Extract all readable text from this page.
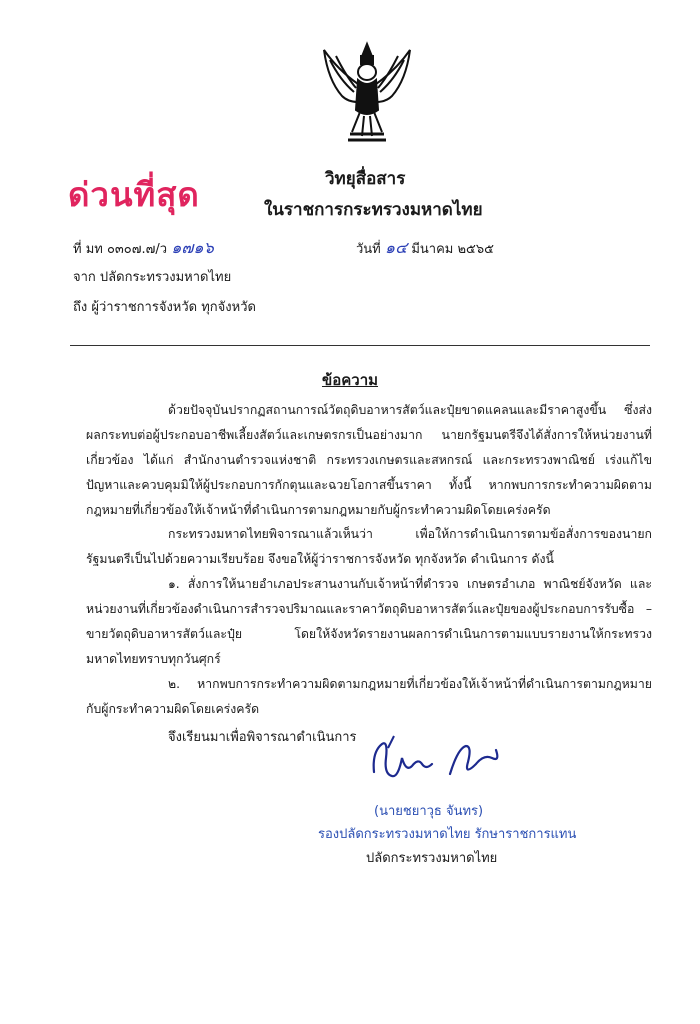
ด่วนที่สุด	วิทยุสื่อสาร
ในราชการกระทรวงมหาดไทย
ที่ มท ๐๓๐๗.๗/ว ๑๗๑๖	วันที่ ๑๔ มีนาคม ๒๕๖๕
จาก ปลัดกระทรวงมหาดไทย
ถึง ผู้ว่าราชการจังหวัด ทุกจังหวัด
ข้อความ
ด้วยปัจจุบันปรากฏสถานการณ์วัตถุดิบอาหารสัตว์และปุ๋ยขาดแคลนและมีราคาสูงขึ้น ซึ่งส่งผลกระทบต่อผู้ประกอบอาชีพเลี้ยงสัตว์และเกษตรกรเป็นอย่างมาก นายกรัฐมนตรีจึงได้สั่งการให้หน่วยงานที่เกี่ยวข้อง ได้แก่ สำนักงานตำรวจแห่งชาติ กระทรวงเกษตรและสหกรณ์ และกระทรวงพาณิชย์ เร่งแก้ไขปัญหาและควบคุมมิให้ผู้ประกอบการกักตุนและฉวยโอกาสขึ้นราคา ทั้งนี้ หากพบการกระทำความผิดตามกฎหมายที่เกี่ยวข้องให้เจ้าหน้าที่ดำเนินการตามกฎหมายกับผู้กระทำความผิดโดยเคร่งครัด
กระทรวงมหาดไทยพิจารณาแล้วเห็นว่า เพื่อให้การดำเนินการตามข้อสั่งการของนายกรัฐมนตรีเป็นไปด้วยความเรียบร้อย จึงขอให้ผู้ว่าราชการจังหวัด ทุกจังหวัด ดำเนินการ ดังนี้
๑. สั่งการให้นายอำเภอประสานงานกับเจ้าหน้าที่ตำรวจ เกษตรอำเภอ พาณิชย์จังหวัด และหน่วยงานที่เกี่ยวข้องดำเนินการสำรวจปริมาณและราคาวัตถุดิบอาหารสัตว์และปุ๋ยของผู้ประกอบการรับซื้อ – ขายวัตถุดิบอาหารสัตว์และปุ๋ย โดยให้จังหวัดรายงานผลการดำเนินการตามแบบรายงานให้กระทรวงมหาดไทยทราบทุกวันศุกร์
๒. หากพบการกระทำความผิดตามกฎหมายที่เกี่ยวข้องให้เจ้าหน้าที่ดำเนินการตามกฎหมายกับผู้กระทำความผิดโดยเคร่งครัด
จึงเรียนมาเพื่อพิจารณาดำเนินการ
(นายชยาวุธ จันทร)
รองปลัดกระทรวงมหาดไทย รักษาราชการแทน
ปลัดกระทรวงมหาดไทย
